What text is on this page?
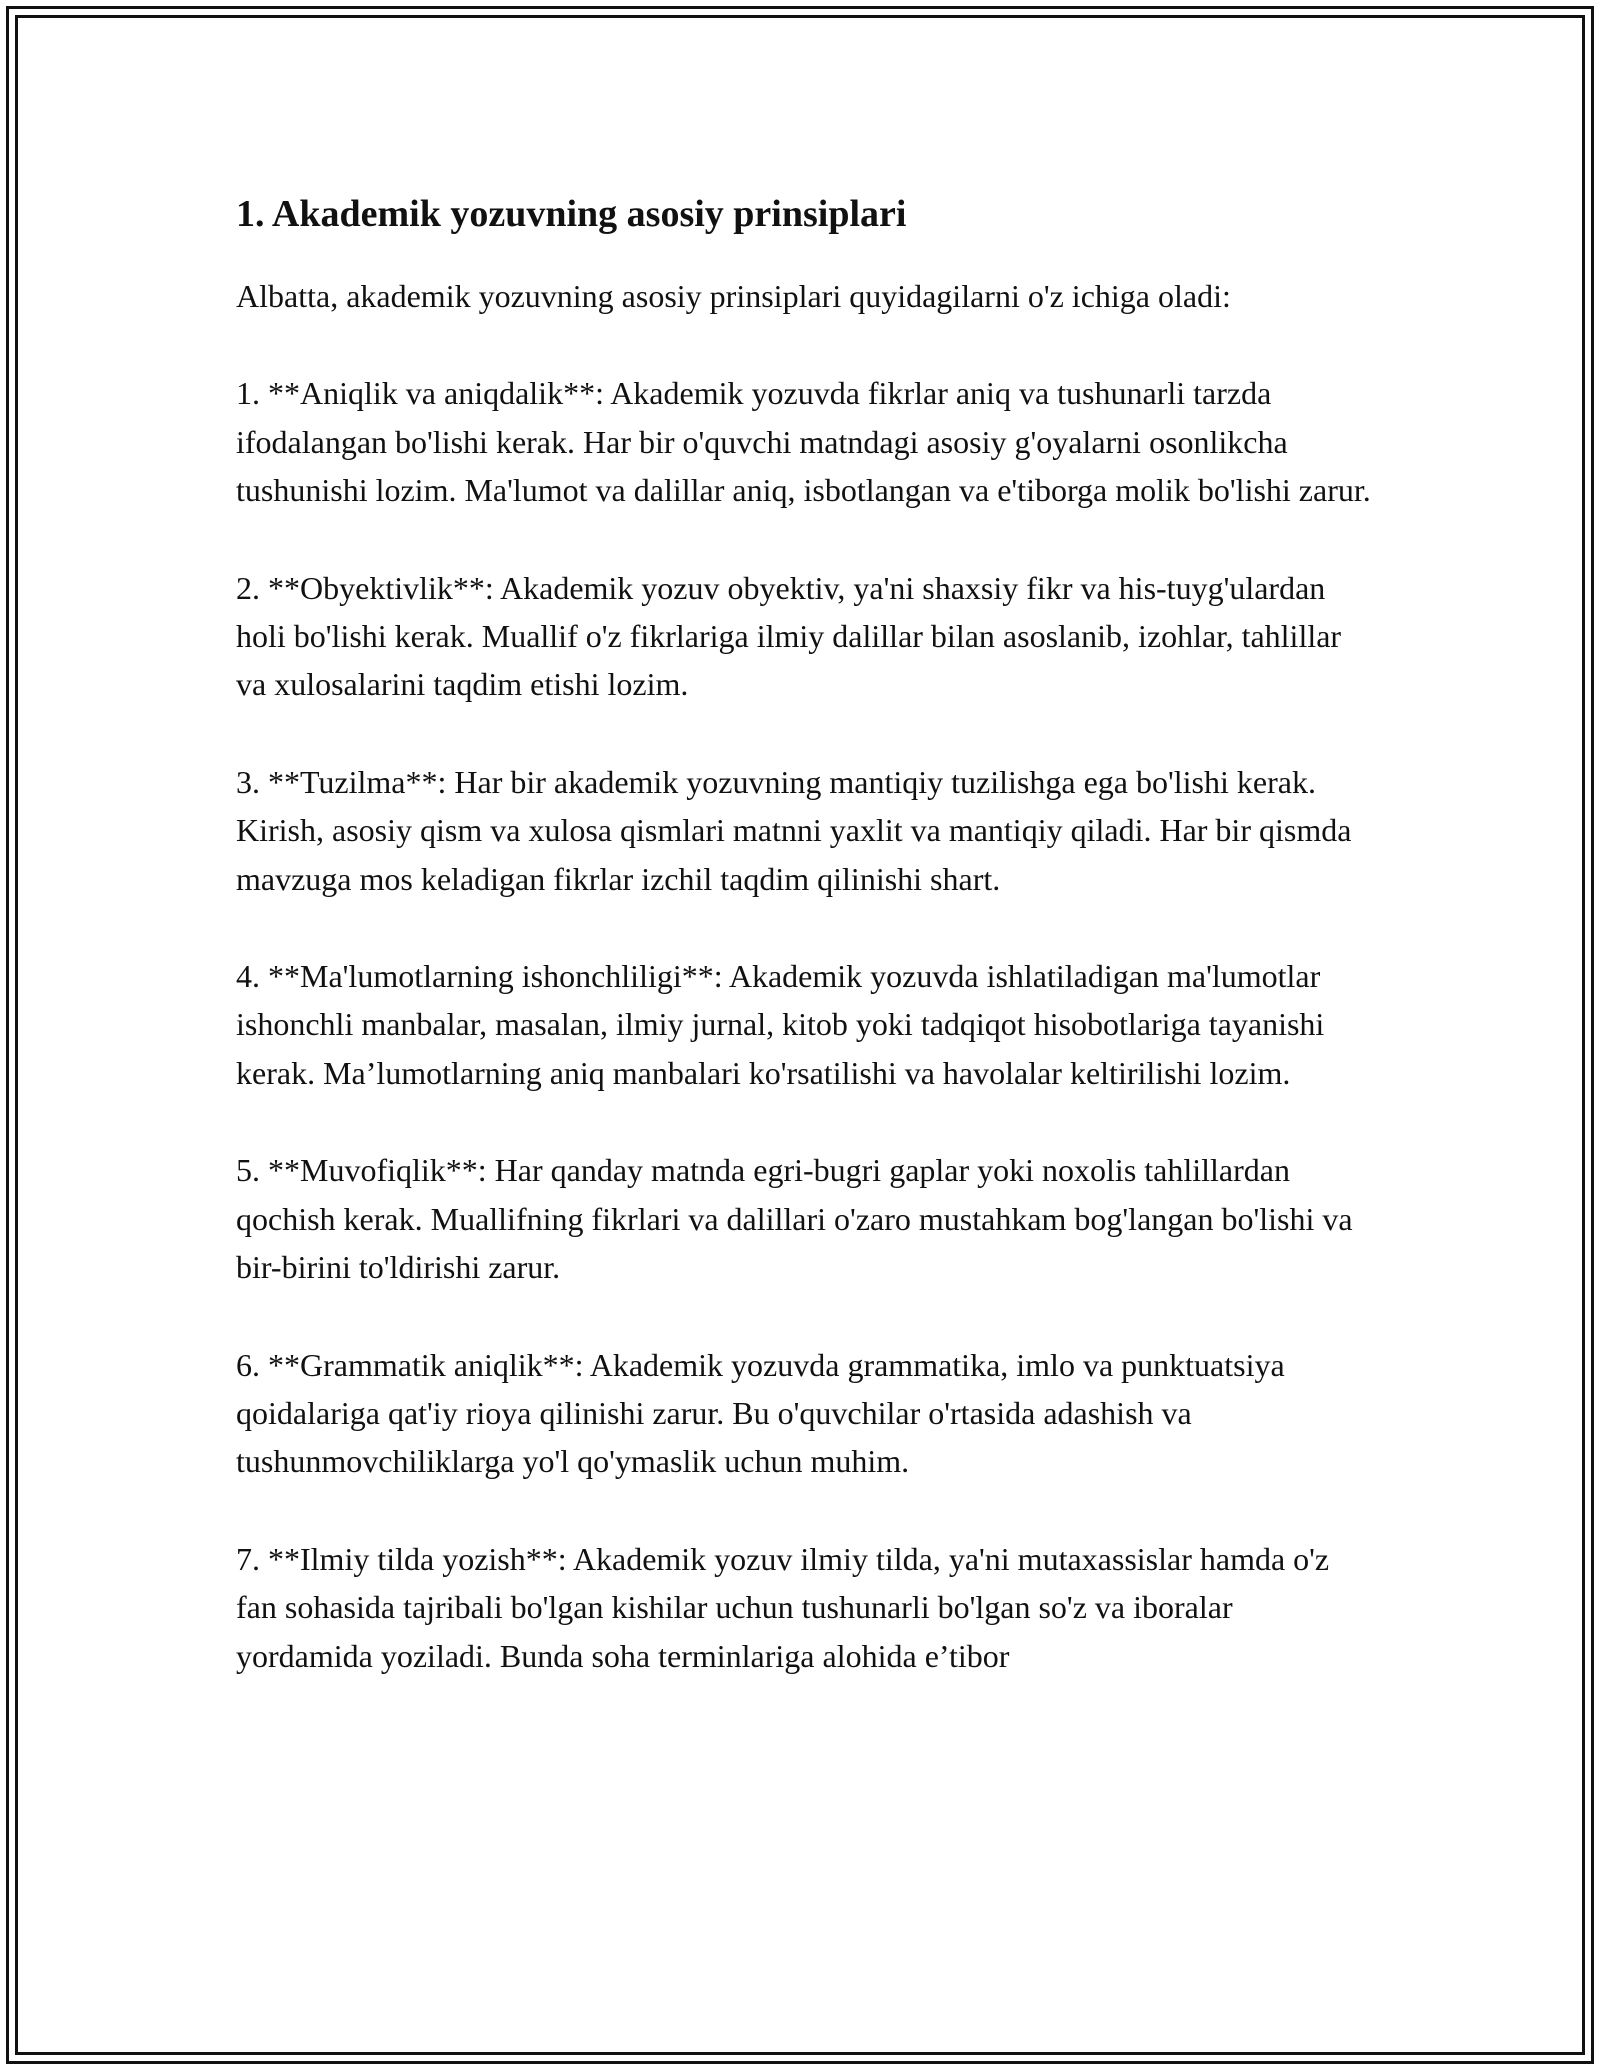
1. Akademik yozuvning asosiy prinsiplari

Albatta, akademik yozuvning asosiy prinsiplari quyidagilarni o'z ichiga oladi:

1. **Aniqlik va aniqdalik**: Akademik yozuvda fikrlar aniq va tushunarli tarzda ifodalangan bo'lishi kerak. Har bir o'quvchi matndagi asosiy g'oyalarni osonlikcha tushunishi lozim. Ma'lumot va dalillar aniq, isbotlangan va e'tiborga molik bo'lishi zarur.

2. **Obyektivlik**: Akademik yozuv obyektiv, ya'ni shaxsiy fikr va his-tuyg'ulardan holi bo'lishi kerak. Muallif o'z fikrlariga ilmiy dalillar bilan asoslanib, izohlar, tahlillar va xulosalarini taqdim etishi lozim.

3. **Tuzilma**: Har bir akademik yozuvning mantiqiy tuzilishga ega bo'lishi kerak. Kirish, asosiy qism va xulosa qismlari matnni yaxlit va mantiqiy qiladi. Har bir qismda mavzuga mos keladigan fikrlar izchil taqdim qilinishi shart.

4. **Ma'lumotlarning ishonchliligi**: Akademik yozuvda ishlatiladigan ma'lumotlar ishonchli manbalar, masalan, ilmiy jurnal, kitob yoki tadqiqot hisobotlariga tayanishi kerak. Ma’lumotlarning aniq manbalari ko'rsatilishi va havolalar keltirilishi lozim.

5. **Muvofiqlik**: Har qanday matnda egri-bugri gaplar yoki noxolis tahlillardan qochish kerak. Muallifning fikrlari va dalillari o'zaro mustahkam bog'langan bo'lishi va bir-birini to'ldirishi zarur.

6. **Grammatik aniqlik**: Akademik yozuvda grammatika, imlo va punktuatsiya qoidalariga qat'iy rioya qilinishi zarur. Bu o'quvchilar o'rtasida adashish va tushunmovchiliklarga yo'l qo'ymaslik uchun muhim.

7. **Ilmiy tilda yozish**: Akademik yozuv ilmiy tilda, ya'ni mutaxassislar hamda o'z fan sohasida tajribali bo'lgan kishilar uchun tushunarli bo'lgan so'z va iboralar yordamida yoziladi. Bunda soha terminlariga alohida e’tibor
